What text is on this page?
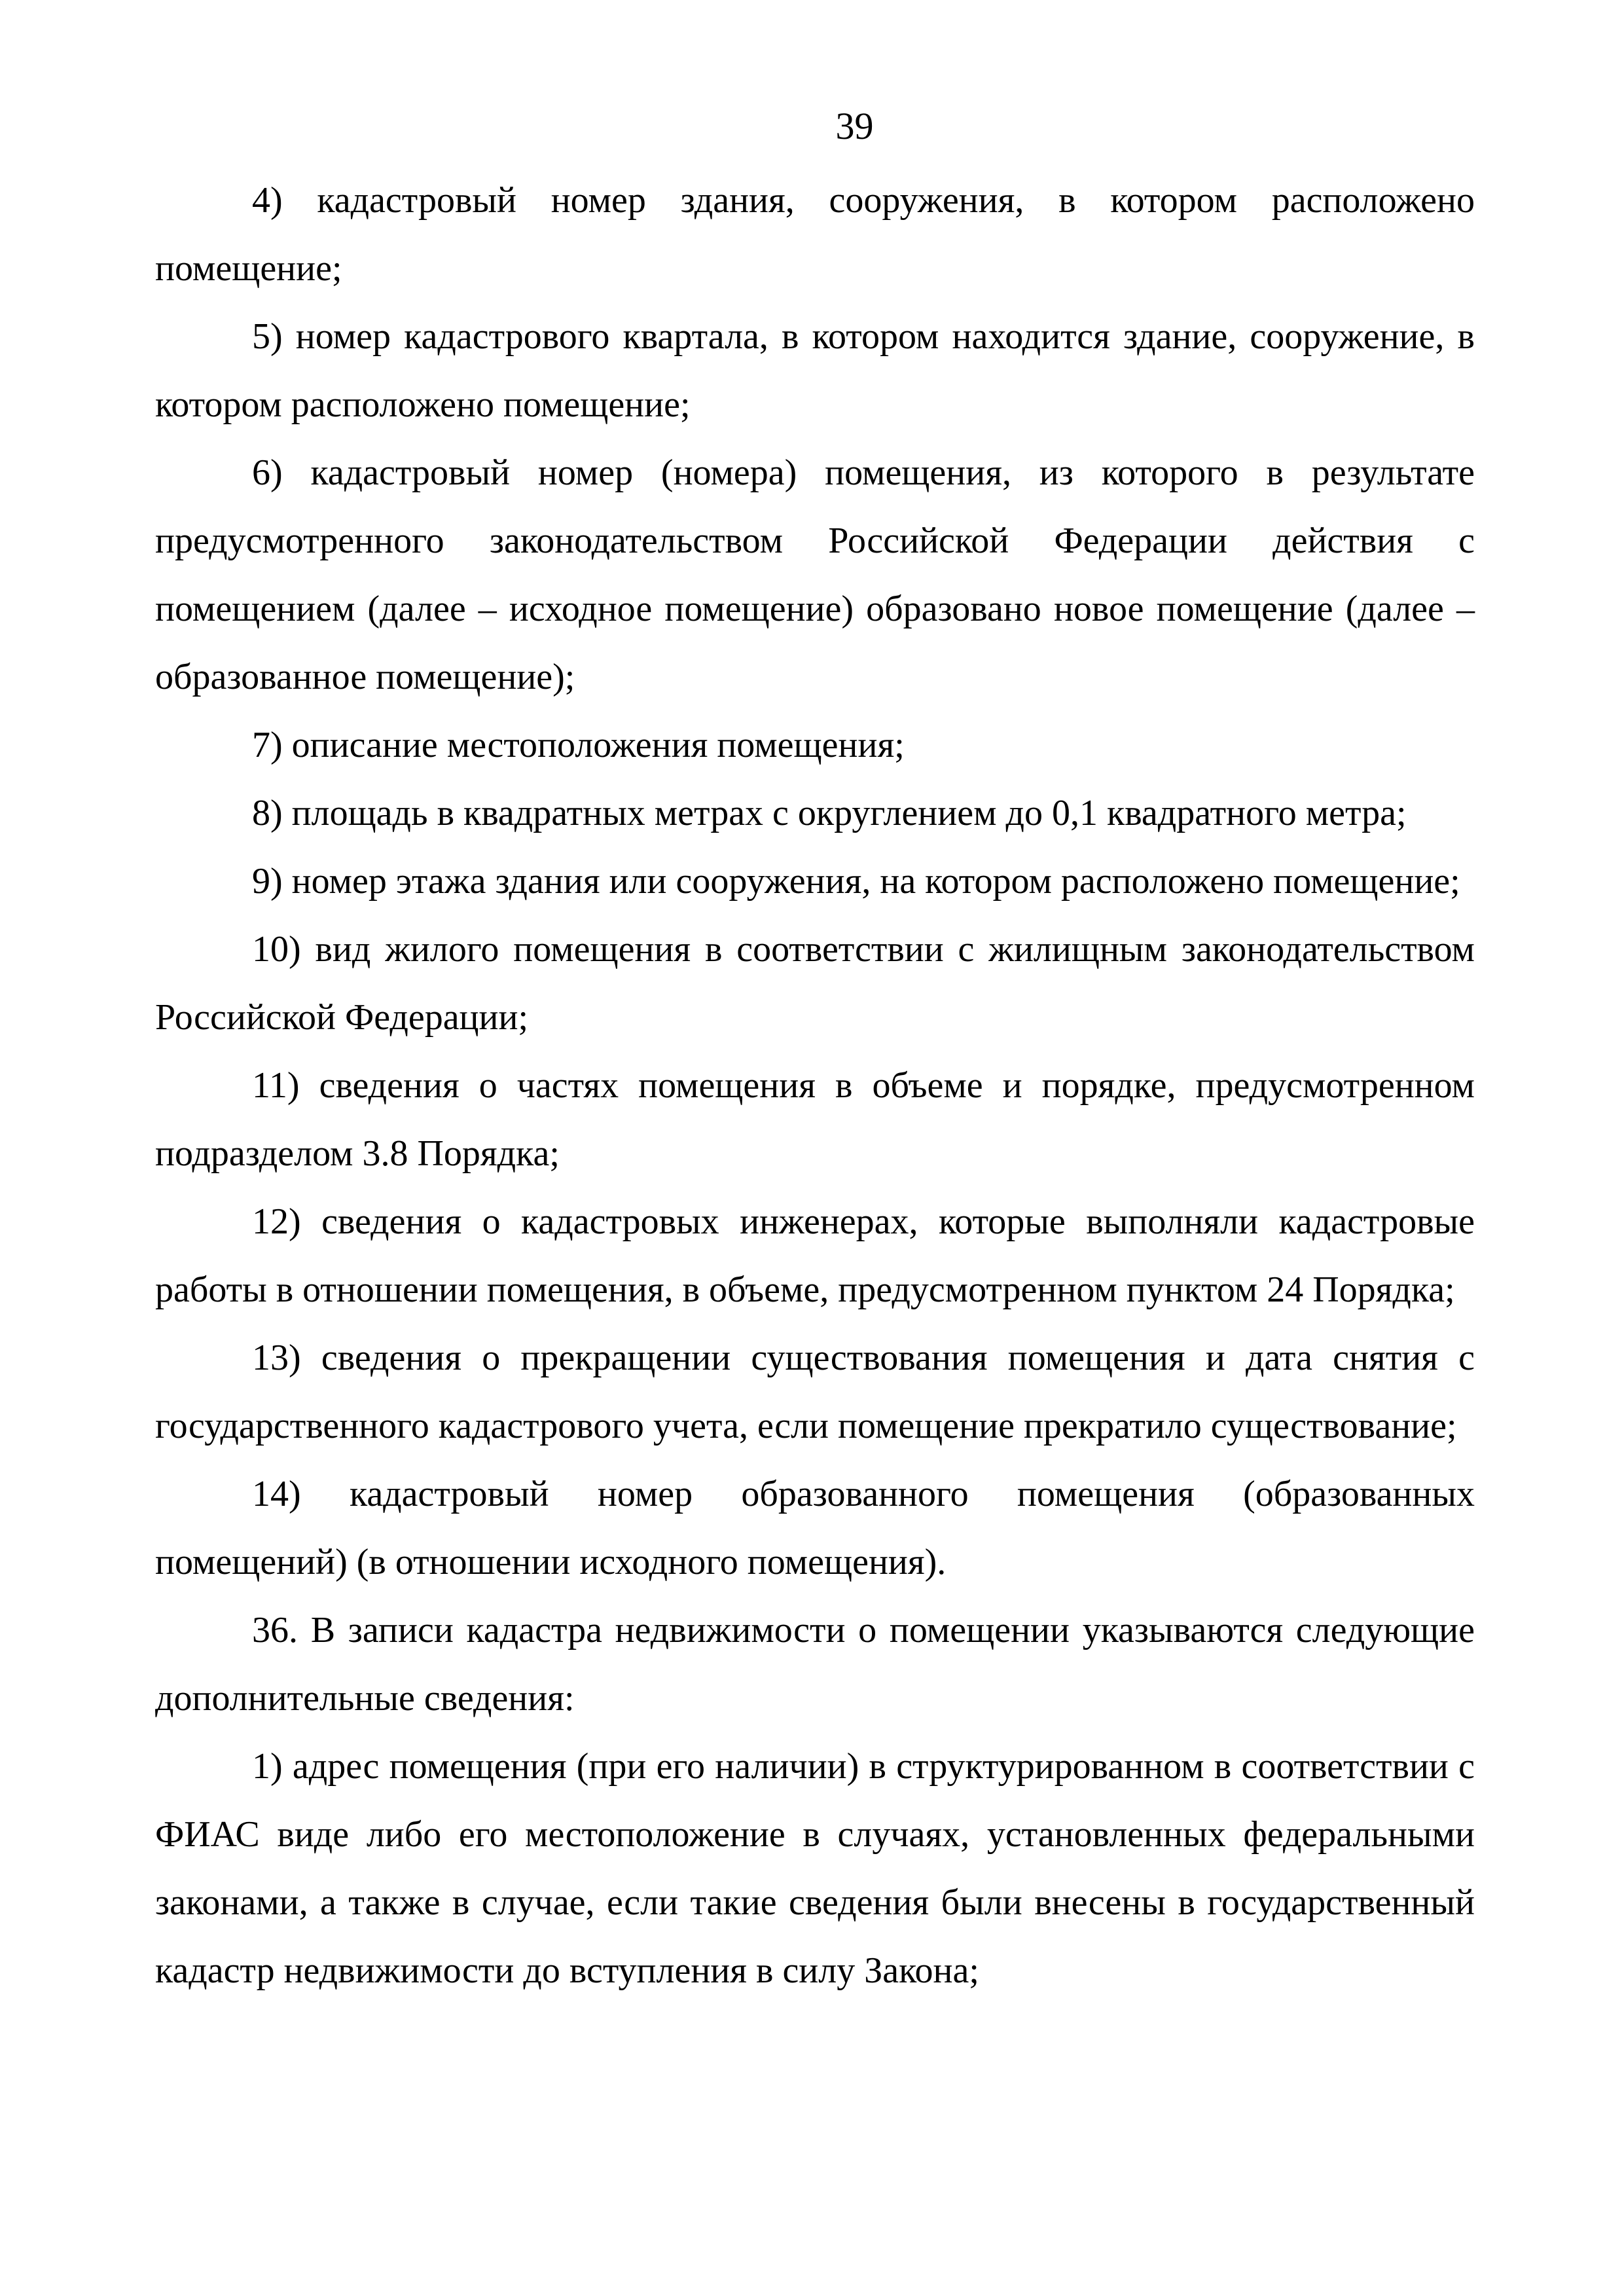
39

4) кадастровый номер здания, сооружения, в котором расположено помещение;

5) номер кадастрового квартала, в котором находится здание, сооружение, в котором расположено помещение;

6) кадастровый номер (номера) помещения, из которого в результате предусмотренного законодательством Российской Федерации действия с помещением (далее – исходное помещение) образовано новое помещение (далее – образованное помещение);

7) описание местоположения помещения;

8) площадь в квадратных метрах с округлением до 0,1 квадратного метра;

9) номер этажа здания или сооружения, на котором расположено помещение;

10) вид жилого помещения в соответствии с жилищным законодательством Российской Федерации;

11) сведения о частях помещения в объеме и порядке, предусмотренном подразделом 3.8 Порядка;

12) сведения о кадастровых инженерах, которые выполняли кадастровые работы в отношении помещения, в объеме, предусмотренном пунктом 24 Порядка;

13) сведения о прекращении существования помещения и дата снятия с государственного кадастрового учета, если помещение прекратило существование;

14) кадастровый номер образованного помещения (образованных помещений) (в отношении исходного помещения).

36. В записи кадастра недвижимости о помещении указываются следующие дополнительные сведения:

1) адрес помещения (при его наличии) в структурированном в соответствии с ФИАС виде либо его местоположение в случаях, установленных федеральными законами, а также в случае, если такие сведения были внесены в государственный кадастр недвижимости до вступления в силу Закона;
